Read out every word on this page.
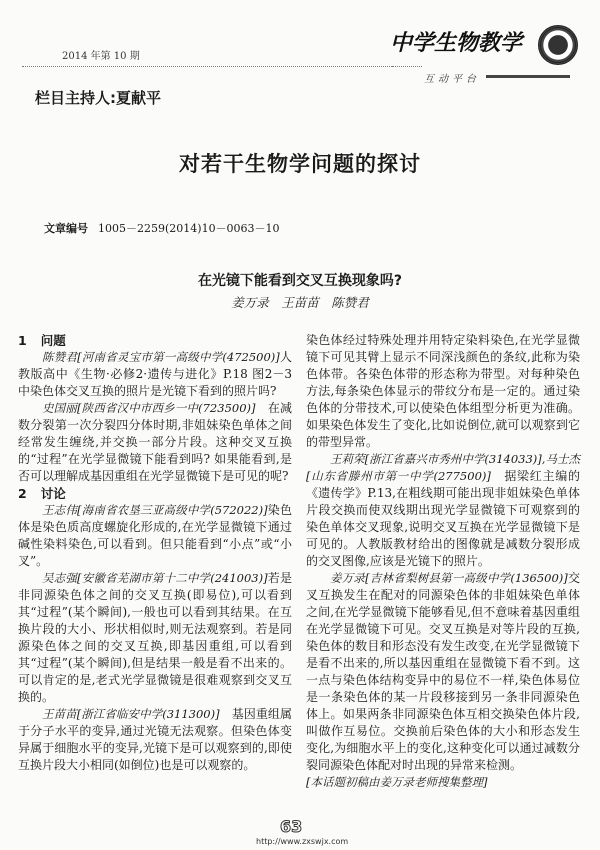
2014 年第 10 期
中学生物教学
互动平台
栏目主持人:夏献平
对若干生物学问题的探讨
文章编号 1005－2259(2014)10－0063－10
在光镜下能看到交叉互换现象吗?
姜万录　王苗苗　陈赞君
1 问题

陈赞君[河南省灵宝市第一高级中学(472500)]人教版高中《生物·必修2·遗传与进化》P.18 图2－3中染色体交叉互换的照片是光镜下看到的照片吗?

史国丽[陕西省汉中市西乡一中(723500)]　 在减数分裂第一次分裂四分体时期,非姐妹染色单体之间经常发生缠绕,并交换一部分片段。这种交叉互换的“过程”在光学显微镜下能看到吗? 如果能看到,是否可以理解成基因重组在光学显微镜下是可见的呢?

2 讨论

王志伟[海南省农垦三亚高级中学(572022)]染色体是染色质高度螺旋化形成的,在光学显微镜下通过碱性染料染色,可以看到。但只能看到“小点”或“小叉”。

吴志强[安徽省芜湖市第十二中学(241003)]若是非同源染色体之间的交叉互换(即易位),可以看到其“过程”(某个瞬间),一般也可以看到其结果。在互换片段的大小、形状相似时,则无法观察到。若是同源染色体之间的交叉互换,即基因重组,可以看到其“过程”(某个瞬间),但是结果一般是看不出来的。可以肯定的是,老式光学显微镜是很难观察到交叉互换的。

王苗苗[浙江省临安中学(311300)]　 基因重组属于分子水平的变异,通过光镜无法观察。但染色体变异属于细胞水平的变异,光镜下是可以观察到的,即使互换片段大小相同(如倒位)也是可以观察的。

染色体经过特殊处理并用特定染料染色,在光学显微镜下可见其臂上显示不同深浅颜色的条纹,此称为染色体带。各染色体带的形态称为带型。对每种染色方法,每条染色体显示的带纹分布是一定的。通过染色体的分带技术,可以使染色体组型分析更为准确。如果染色体发生了变化,比如说倒位,就可以观察到它的带型异常。

王莉荣[浙江省嘉兴市秀州中学(314033)],马士杰[山东省滕州市第一中学(277500)]　 据梁红主编的《遗传学》P.13,在粗线期可能出现非姐妹染色单体片段交换而使双线期出现光学显微镜下可观察到的染色单体交叉现象,说明交叉互换在光学显微镜下是可见的。人教版教材给出的图像就是减数分裂形成的交叉图像,应该是光镜下的照片。

姜万录[吉林省梨树县第一高级中学(136500)]交叉互换发生在配对的同源染色体的非姐妹染色单体之间,在光学显微镜下能够看见,但不意味着基因重组在光学显微镜下可见。交叉互换是对等片段的互换,染色体的数目和形态没有发生改变,在光学显微镜下是看不出来的,所以基因重组在显微镜下看不到。这一点与染色体结构变异中的易位不一样,染色体易位是一条染色体的某一片段移接到另一条非同源染色体上。如果两条非同源染色体互相交换染色体片段,叫做作互易位。交换前后染色体的大小和形态发生变化,为细胞水平上的变化,这种变化可以通过减数分裂同源染色体配对时出现的异常来检测。

[本话题初稿由姜万录老师搜集整理]

63
http://www.zxswjx.com
